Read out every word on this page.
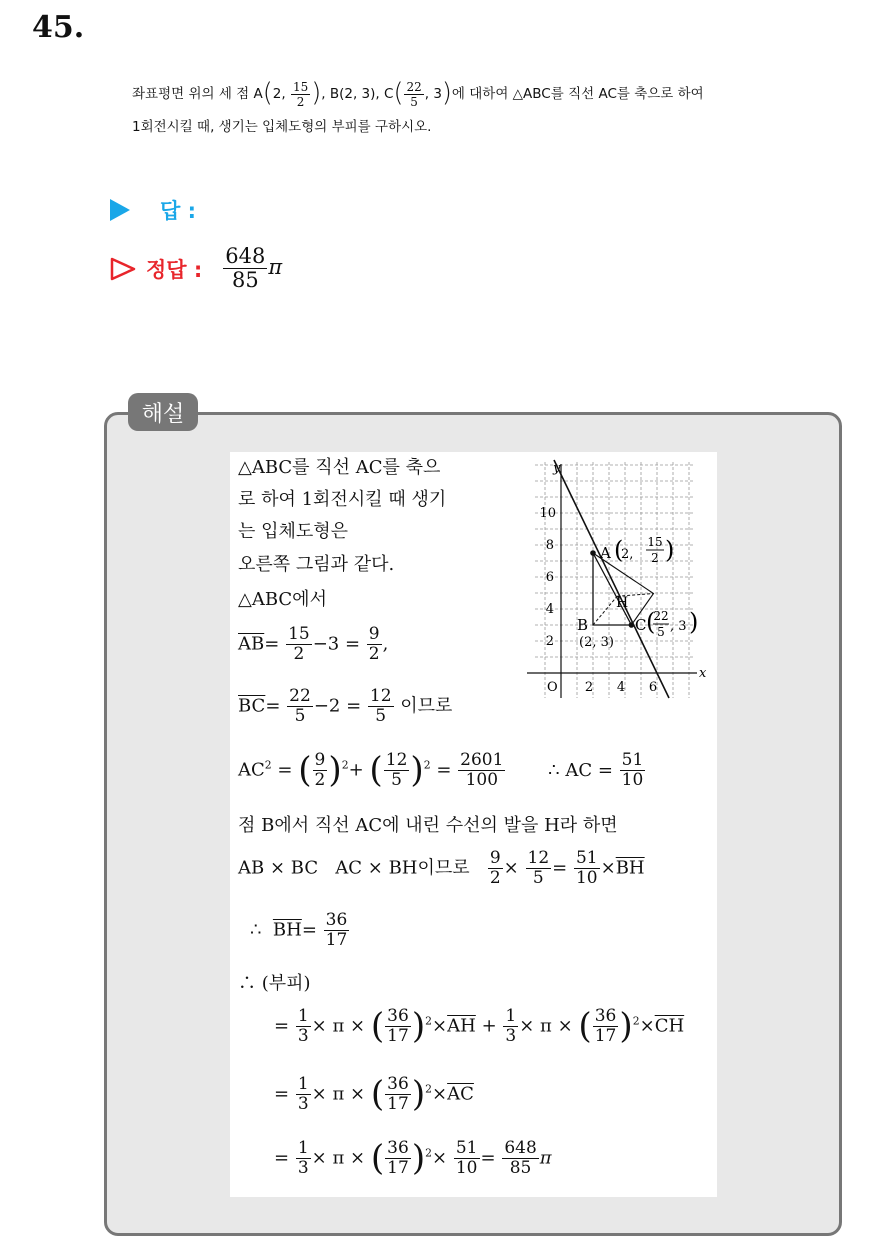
45.
좌표평면 위의 세 점 A(2, $\frac{15}{2}$ ), B(2, 3), $C( \frac{22}{5}$ , 3)에 대하여 △ABC를 직선 AC를 축으로 하여
1회전시킬 때, 생기는 입체도형의 부피를 구하시오.
답 :
정답 : $\frac{648}{85}$ π
해설
△ABC를 직선 AC를 축으
로 하여 1회전시킬 때 생기
는 입체도형은
오른쪽 그림과 같다.
△ABC에서
$\overline{AB}= \frac{15}{2} -3 = \frac{9}{2}$ ,
$\overline{BC}= \frac{22}{5} -2 = \frac{12}{5}$ 이므로
$AC^2$ = ( $\frac{9}{2} )^2+$ ( $\frac{12}{5} )^2 = \frac{2601}{100}$ ∴ AC = $\frac{51}{10}$
점 B에서 직선 AC에 내린 수선의 발을 H라 하면
AB × BC AC × BH이므로 $\frac{9}{2} \times \frac{12}{5} = \frac{51}{10} \times\overline{BH}$
∴ $\overline{BH}= \frac{36}{17}$
∴ (부피)
= $\frac{1}{3} \times \pi$ × ( $\frac{36}{17} )^2\times\overline{AH} + \frac{1}{3} \times \pi$ × ( $\frac{36}{17} )^2\times\overline{CH}$
= $\frac{1}{3} \times \pi$ × ( $\frac{36}{17} )^2\times\overline{AC}$
= $\frac{1}{3} \times \pi$ × ( $\frac{36}{17} )^2\times \frac{51}{10} = \frac{648}{85}$ π
x
y
O 2 4 6
2
4
6
8
10
A (
2,
15
2 )
B
(2, 3)
C (
22
5 , 3 )
H
